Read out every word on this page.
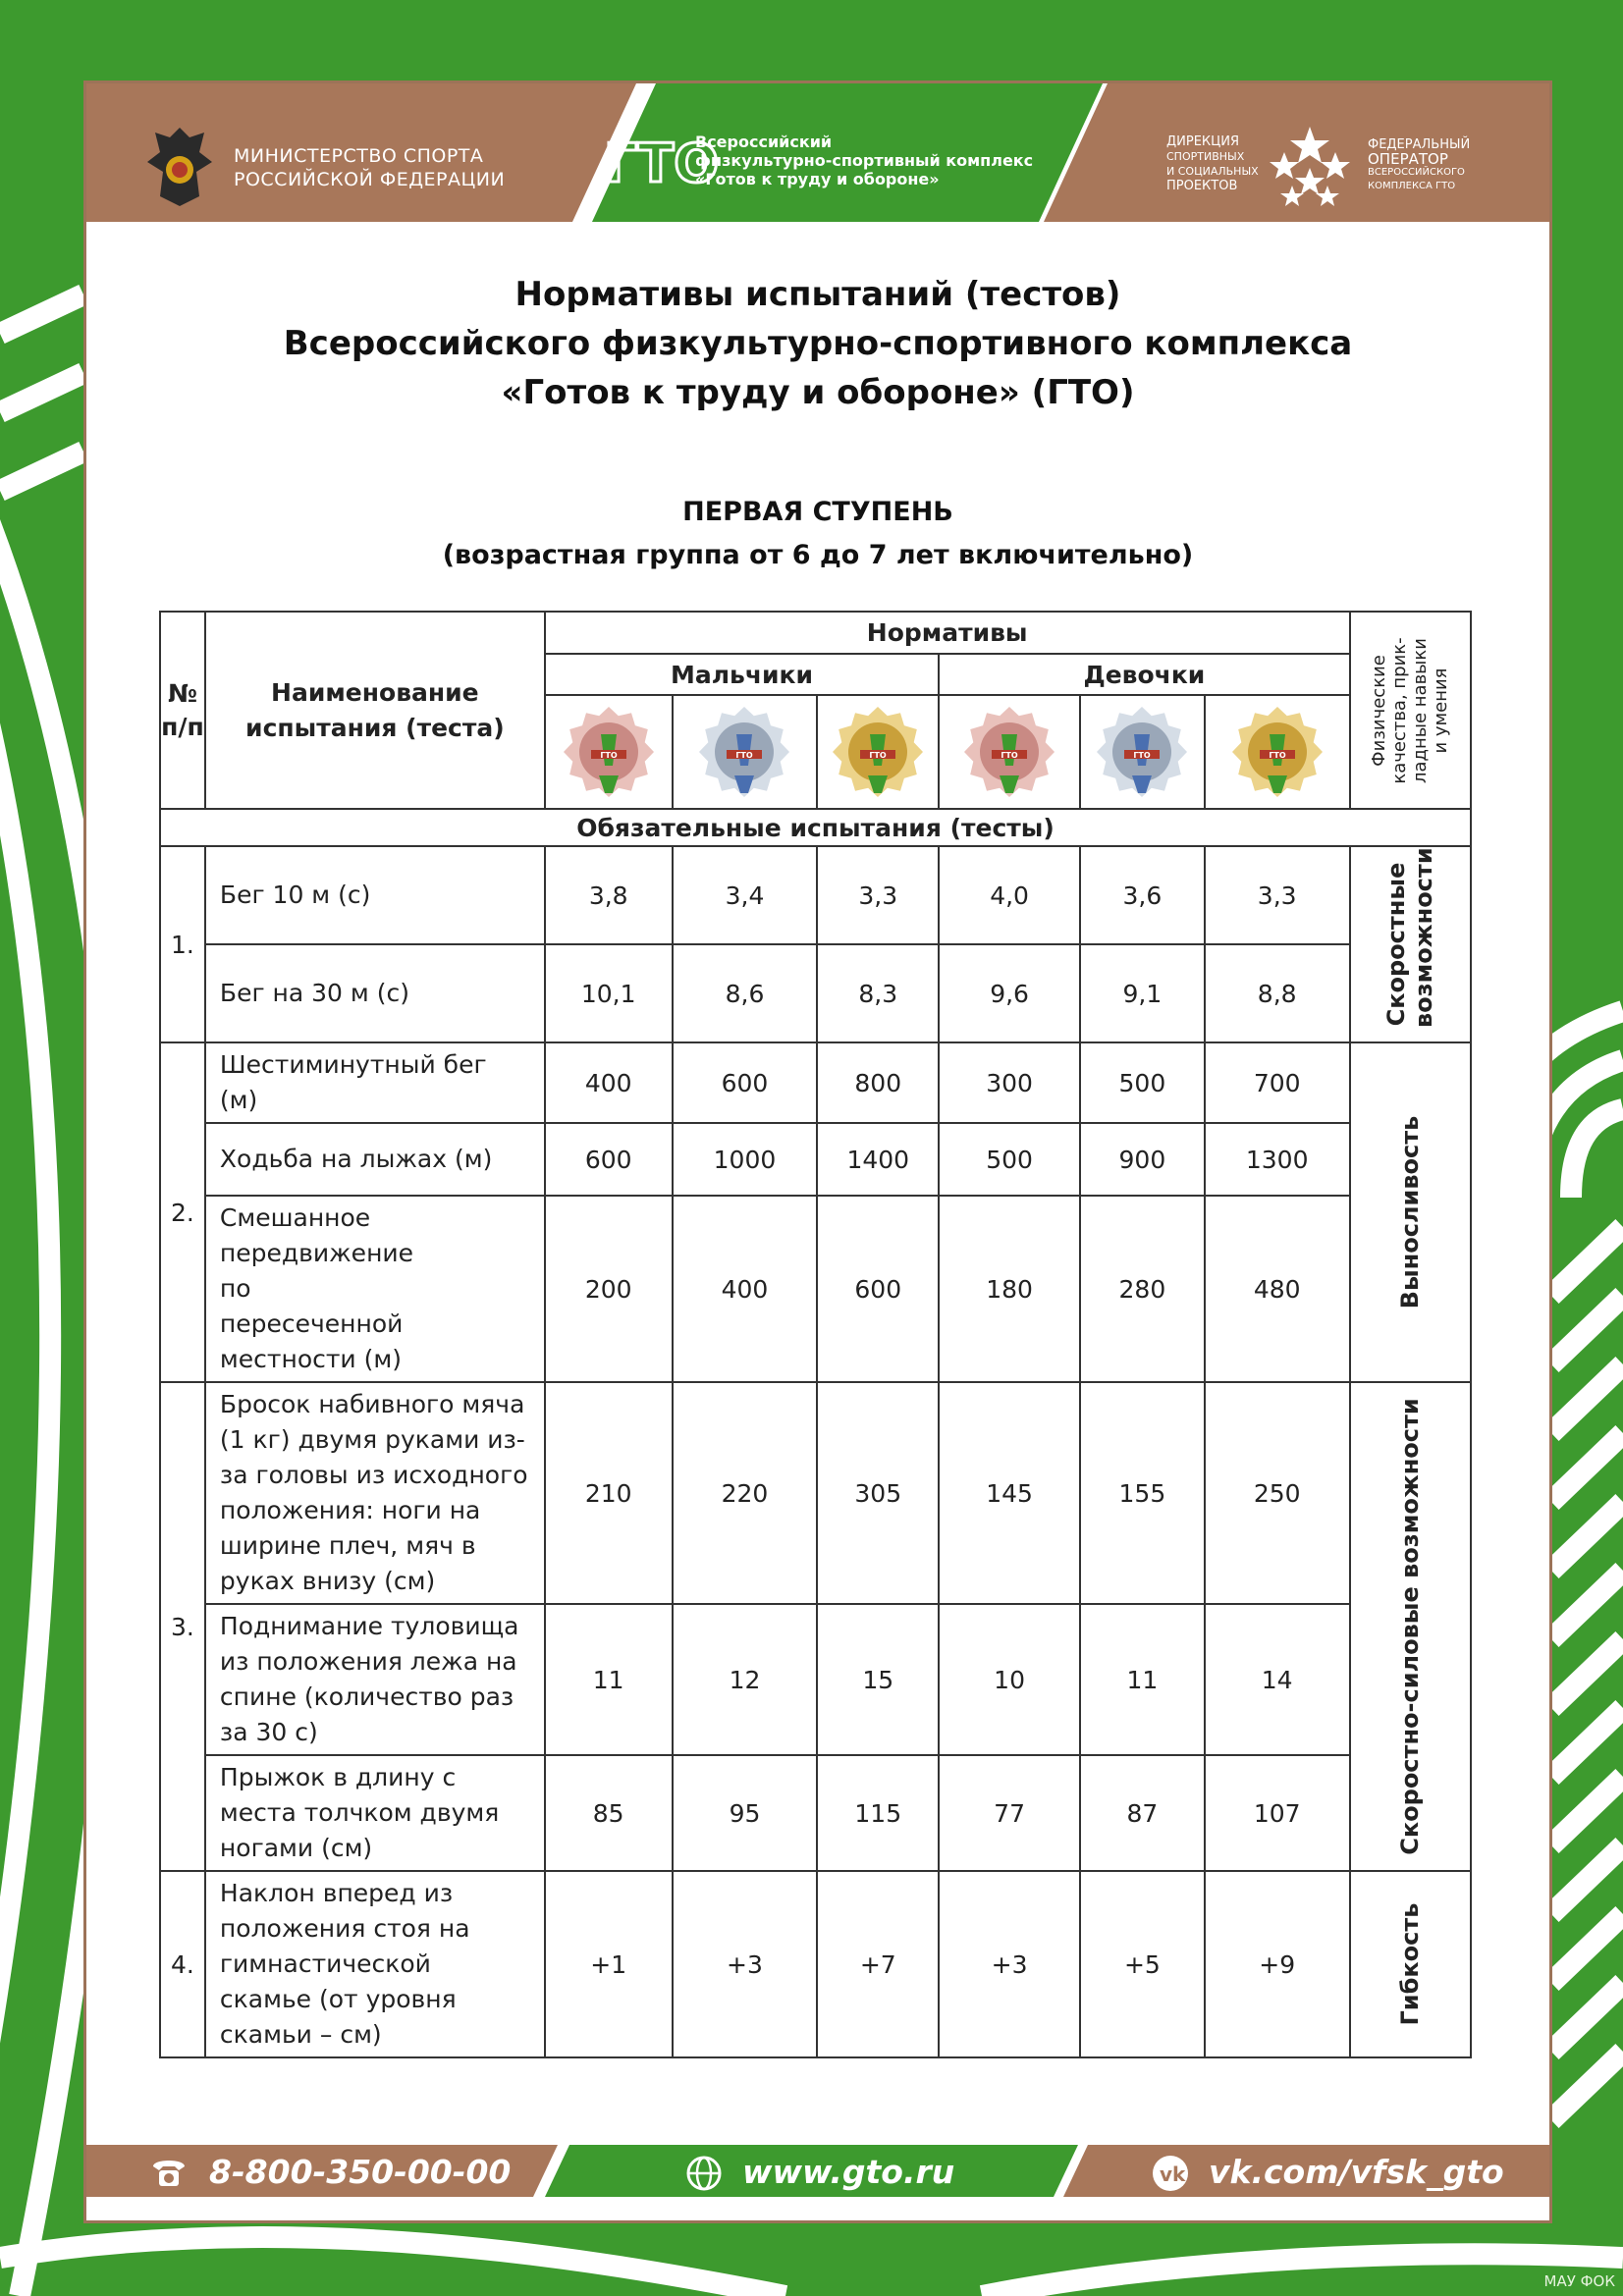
МИНИСТЕРСТВО СПОРТА
РОССИЙСКОЙ ФЕДЕРАЦИИ ГТО
Всероссийский
физкультурно-спортивный комплекс
«Готов к труду и обороне»
ДИРЕКЦИЯ
СПОРТИВНЫХ
И СОЦИАЛЬНЫХ
ПРОЕКТОВ
ФЕДЕРАЛЬНЫЙ
ОПЕРАТОР
ВСЕРОССИЙСКОГО
КОМПЛЕКСА ГТО
Нормативы испытаний (тестов)
Всероссийского физкультурно-спортивного комплекса
«Готов к труду и обороне» (ГТО)
ПЕРВАЯ СТУПЕНЬ
(возрастная группа от 6 до 7 лет включительно)
№ п/п	Наименование испытания (теста)	Нормативы						Физические качества, прик-ладные навыки и умения

		Мальчики			Девочки			

ГТО	ГТО	ГТО	ГТО	ГТО	ГТО	

Обязательные испытания (тесты)								
1.	Бег 10 м (с)	3,8	3,4	3,3	4,0	3,6	3,3	Скоростные возможности

	Бег на 30 м (с)	10,1	8,6	8,3	9,6	9,1	8,8	
2.	Шестиминутный бег (м)	400	600	800	300	500	700	Выносливость

	Ходьба на лыжах (м)	600	1000	1400	500	900	1300	

	Смешанное передвижение по пересеченной местности (м)	200	400	600	180	280	480	
3.	Бросок набивного мяча (1 кг) двумя руками из-за головы из исходного положения: ноги на ширине плеч, мяч в руках внизу (см)	210	220	305	145	155	250	Скоростно-силовые возможности

	Поднимание туловища из положения лежа на спине (количество раз за 30 с)	11	12	15	10	11	14	

	Прыжок в длину с места толчком двумя ногами (см)	85	95	115	77	87	107	
4.	Наклон вперед из положения стоя на гимнастической скамье (от уровня скамьи – см)	+1	+3	+7	+3	+5	+9	Гибкость
8-800-350-00-00	www.gto.ru	vk vk.com/vfsk_gto
МАУ ФОК
